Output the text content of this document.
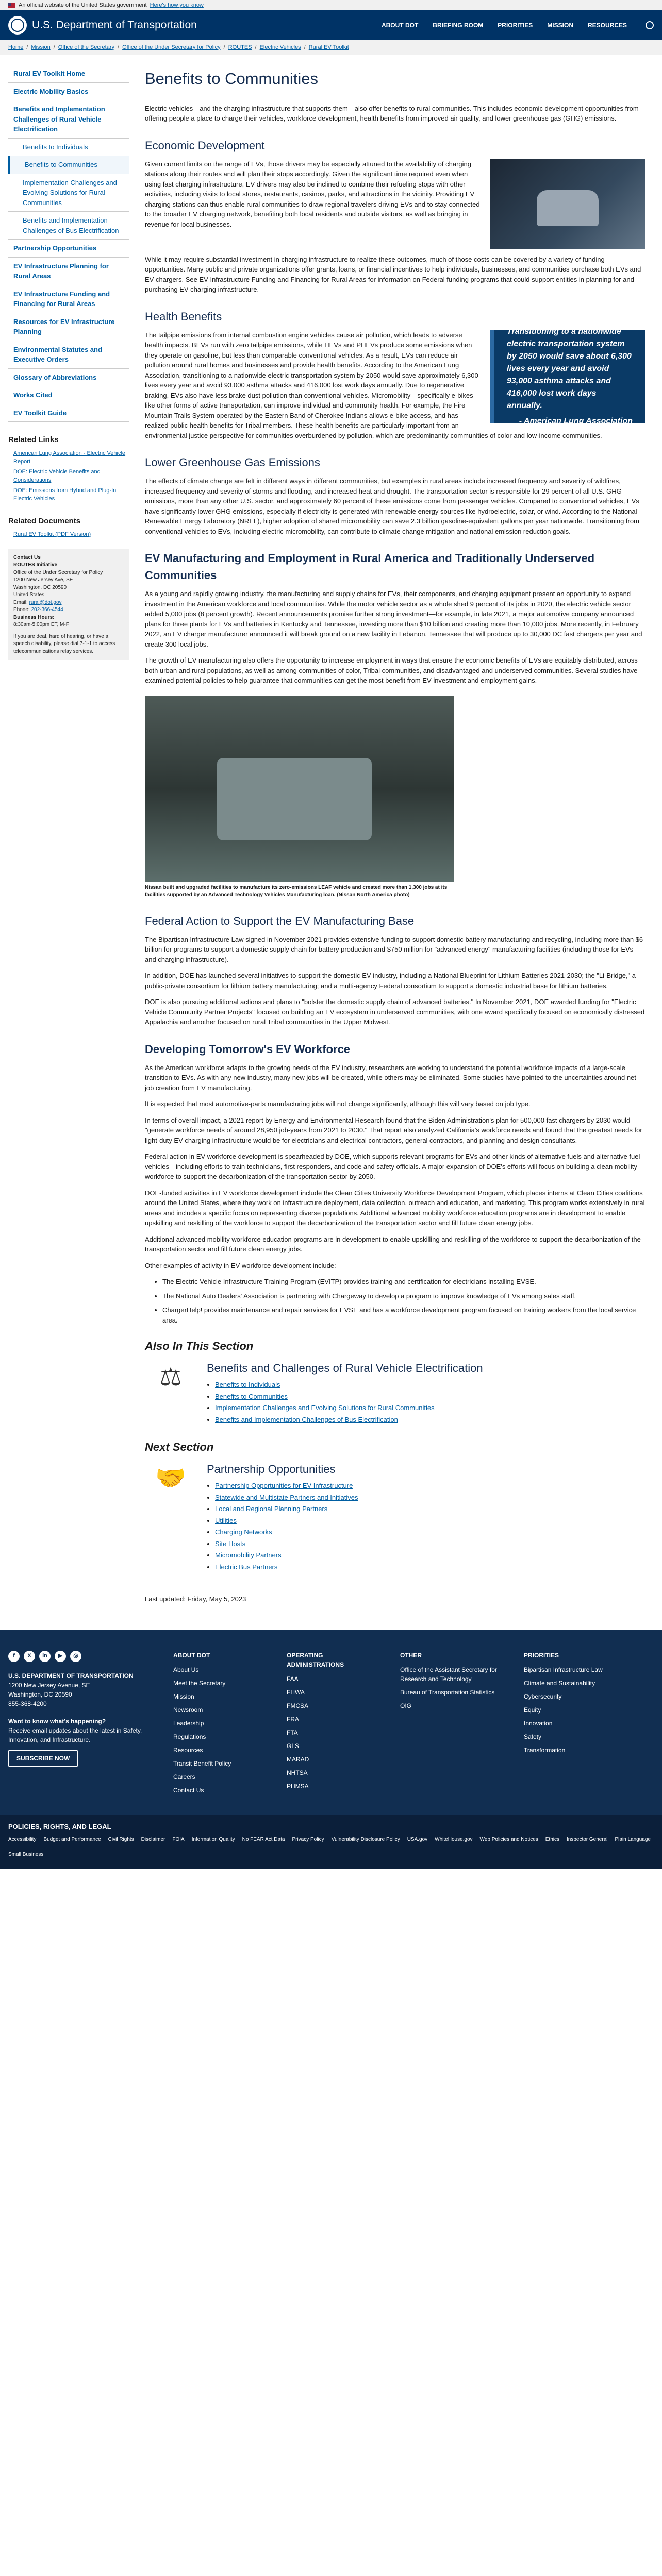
An official website of the United States government Here's how you know
U.S. Department of Transportation	ABOUT DOT BRIEFING ROOM PRIORITIES MISSION RESOURCES
Home / Mission / Office of the Secretary / Office of the Under Secretary for Policy / ROUTES / Electric Vehicles / Rural EV Toolkit
Rural EV Toolkit Home
Electric Mobility Basics
Benefits and Implementation Challenges of Rural Vehicle Electrification
Benefits to Individuals
Benefits to Communities
Implementation Challenges and Evolving Solutions for Rural Communities
Benefits and Implementation Challenges of Bus Electrification
Partnership Opportunities
EV Infrastructure Planning for Rural Areas
EV Infrastructure Funding and Financing for Rural Areas
Resources for EV Infrastructure Planning
Environmental Statutes and Executive Orders
Glossary of Abbreviations
Works Cited
EV Toolkit Guide
Related Links
American Lung Association - Electric Vehicle Report
DOE: Electric Vehicle Benefits and Considerations
DOE: Emissions from Hybrid and Plug-In Electric Vehicles
Related Documents
Rural EV Toolkit (PDF Version)
Contact Us
ROUTES Initiative
Office of the Under Secretary for Policy
1200 New Jersey Ave, SE
Washington, DC 20590
United States
Email: rural@dot.gov
Phone: 202-366-4544
Business Hours:
8:30am-5:00pm ET, M-F
If you are deaf, hard of hearing, or have a speech disability, please dial 7-1-1 to access telecommunications relay services.
Benefits to Communities

Electric vehicles—and the charging infrastructure that supports them—also offer benefits to rural communities. This includes economic development opportunities from offering people a place to charge their vehicles, workforce development, health benefits from improved air quality, and lower greenhouse gas (GHG) emissions.

Economic Development

Given current limits on the range of EVs, those drivers may be especially attuned to the availability of charging stations along their routes and will plan their stops accordingly. Given the significant time required even when using fast charging infrastructure, EV drivers may also be inclined to combine their refueling stops with other activities, including visits to local stores, restaurants, casinos, parks, and attractions in the vicinity. Providing EV charging stations can thus enable rural communities to draw regional travelers driving EVs and to stay connected to the broader EV charging network, benefiting both local residents and outside visitors, as well as bringing in revenue for local businesses.

While it may require substantial investment in charging infrastructure to realize these outcomes, much of those costs can be covered by a variety of funding opportunities. Many public and private organizations offer grants, loans, or financial incentives to help individuals, businesses, and communities purchase both EVs and EV chargers. See EV Infrastructure Funding and Financing for Rural Areas for information on Federal funding programs that could support entities in planning for and purchasing EV charging infrastructure.

Health Benefits
Transitioning to a nationwide electric transportation system by 2050 would save about 6,300 lives every year and avoid 93,000 asthma attacks and 416,000 lost work days annually.
- American Lung Association

The tailpipe emissions from internal combustion engine vehicles cause air pollution, which leads to adverse health impacts. BEVs run with zero tailpipe emissions, while HEVs and PHEVs produce some emissions when they operate on gasoline, but less than comparable conventional vehicles. As a result, EVs can reduce air pollution around rural homes and businesses and provide health benefits. According to the American Lung Association, transitioning to a nationwide electric transportation system by 2050 would save approximately 6,300 lives every year and avoid 93,000 asthma attacks and 416,000 lost work days annually. Due to regenerative braking, EVs also have less brake dust pollution than conventional vehicles. Micromobility—specifically e-bikes—like other forms of active transportation, can improve individual and community health. For example, the Fire Mountain Trails System operated by the Eastern Band of Cherokee Indians allows e-bike access, and has realized public health benefits for Tribal members. These health benefits are particularly important from an environmental justice perspective for communities overburdened by pollution, which are predominantly communities of color and low-income communities.

Lower Greenhouse Gas Emissions

The effects of climate change are felt in different ways in different communities, but examples in rural areas include increased frequency and severity of wildfires, increased frequency and severity of storms and flooding, and increased heat and drought. The transportation sector is responsible for 29 percent of all U.S. GHG emissions, more than any other U.S. sector, and approximately 60 percent of these emissions come from passenger vehicles. Compared to conventional vehicles, EVs have significantly lower GHG emissions, especially if electricity is generated with renewable energy sources like hydroelectric, solar, or wind. According to the National Renewable Energy Laboratory (NREL), higher adoption of shared micromobility can save 2.3 billion gasoline-equivalent gallons per year nationwide. Transitioning from conventional vehicles to EVs, including electric micromobility, can contribute to climate change mitigation and national emission reduction goals.

EV Manufacturing and Employment in Rural America and Traditionally Underserved Communities

As a young and rapidly growing industry, the manufacturing and supply chains for EVs, their components, and charging equipment present an opportunity to expand investment in the American workforce and local communities. While the motor vehicle sector as a whole shed 9 percent of its jobs in 2020, the electric vehicle sector added 5,000 jobs (8 percent growth). Recent announcements promise further strong investment—for example, in late 2021, a major automotive company announced plans for three plants for EVs and batteries in Kentucky and Tennessee, investing more than $10 billion and creating more than 10,000 jobs. More recently, in February 2022, an EV charger manufacturer announced it will break ground on a new facility in Lebanon, Tennessee that will produce up to 30,000 DC fast chargers per year and create 300 local jobs.

The growth of EV manufacturing also offers the opportunity to increase employment in ways that ensure the economic benefits of EVs are equitably distributed, across both urban and rural populations, as well as among communities of color, Tribal communities, and disadvantaged and underserved communities. Several studies have examined potential policies to help guarantee that communities can get the most benefit from EV investment and employment gains.

Nissan built and upgraded facilities to manufacture its zero-emissions LEAF vehicle and created more than 1,300 jobs at its facilities supported by an Advanced Technology Vehicles Manufacturing loan. (Nissan North America photo)
Federal Action to Support the EV Manufacturing Base

The Bipartisan Infrastructure Law signed in November 2021 provides extensive funding to support domestic battery manufacturing and recycling, including more than $6 billion for programs to support a domestic supply chain for battery production and $750 million for "advanced energy" manufacturing facilities (including those for EVs and charging infrastructure).

In addition, DOE has launched several initiatives to support the domestic EV industry, including a National Blueprint for Lithium Batteries 2021-2030; the "Li-Bridge," a public-private consortium for lithium battery manufacturing; and a multi-agency Federal consortium to support a domestic industrial base for lithium batteries.

DOE is also pursuing additional actions and plans to "bolster the domestic supply chain of advanced batteries." In November 2021, DOE awarded funding for "Electric Vehicle Community Partner Projects" focused on building an EV ecosystem in underserved communities, with one award specifically focused on economically distressed Appalachia and another focused on rural Tribal communities in the Upper Midwest.

Developing Tomorrow's EV Workforce

As the American workforce adapts to the growing needs of the EV industry, researchers are working to understand the potential workforce impacts of a large-scale transition to EVs. As with any new industry, many new jobs will be created, while others may be eliminated. Some studies have pointed to the uncertainties around net job creation from EV manufacturing.

It is expected that most automotive-parts manufacturing jobs will not change significantly, although this will vary based on job type.

In terms of overall impact, a 2021 report by Energy and Environmental Research found that the Biden Administration's plan for 500,000 fast chargers by 2030 would "generate workforce needs of around 28,950 job-years from 2021 to 2030." That report also analyzed California's workforce needs and found that the greatest needs for light-duty EV charging infrastructure would be for electricians and electrical contractors, general contractors, and planning and design consultants.

Federal action in EV workforce development is spearheaded by DOE, which supports relevant programs for EVs and other kinds of alternative fuels and alternative fuel vehicles—including efforts to train technicians, first responders, and code and safety officials. A major expansion of DOE's efforts will focus on building a clean mobility workforce to support the decarbonization of the transportation sector by 2050.

DOE-funded activities in EV workforce development include the Clean Cities University Workforce Development Program, which places interns at Clean Cities coalitions around the United States, where they work on infrastructure deployment, data collection, outreach and education, and marketing. This program works extensively in rural areas and includes a specific focus on representing diverse populations. Additional advanced mobility workforce education programs are in development to enable upskilling and reskilling of the workforce to support the decarbonization of the transportation sector and fill future clean energy jobs.

Additional advanced mobility workforce education programs are in development to enable upskilling and reskilling of the workforce to support the decarbonization of the transportation sector and fill future clean energy jobs.

Other examples of activity in EV workforce development include:

• The Electric Vehicle Infrastructure Training Program (EVITP) provides training and certification for electricians installing EVSE.
• The National Auto Dealers' Association is partnering with Chargeway to develop a program to improve knowledge of EVs among sales staff.
• ChargerHelp! provides maintenance and repair services for EVSE and has a workforce development program focused on training workers from the local service area.
Also In This Section
⚖	Benefits and Challenges of Rural Vehicle Electrification
• Benefits to Individuals
• Benefits to Communities
• Implementation Challenges and Evolving Solutions for Rural Communities
• Benefits and Implementation Challenges of Bus Electrification
Next Section
🤝	Partnership Opportunities
• Partnership Opportunities for EV Infrastructure
• Statewide and Multistate Partners and Initiatives
• Local and Regional Planning Partners
• Utilities
• Charging Networks
• Site Hosts
• Micromobility Partners
• Electric Bus Partners
Last updated: Friday, May 5, 2023
f	X	in	▶	◎
U.S. DEPARTMENT OF TRANSPORTATION
1200 New Jersey Avenue, SE
Washington, DC 20590
855-368-4200
Want to know what's happening?
Receive email updates about the latest in Safety, Innovation, and Infrastructure.
SUBSCRIBE NOW
ABOUT DOT
About Us
Meet the Secretary
Mission
Newsroom
Leadership
Regulations
Resources
Transit Benefit Policy
Careers
Contact Us
OPERATING ADMINISTRATIONS
FAA
FHWA
FMCSA
FRA
FTA
GLS
MARAD
NHTSA
PHMSA
OTHER
Office of the Assistant Secretary for Research and Technology
Bureau of Transportation Statistics
OIG
PRIORITIES
Bipartisan Infrastructure Law
Climate and Sustainability
Cybersecurity
Equity
Innovation
Safety
Transformation
POLICIES, RIGHTS, AND LEGAL
Accessibility Budget and Performance Civil Rights Disclaimer FOIA Information Quality No FEAR Act Data Privacy Policy Vulnerability Disclosure Policy USA.gov WhiteHouse.gov Web Policies and Notices Ethics Inspector General Plain Language
Small Business
